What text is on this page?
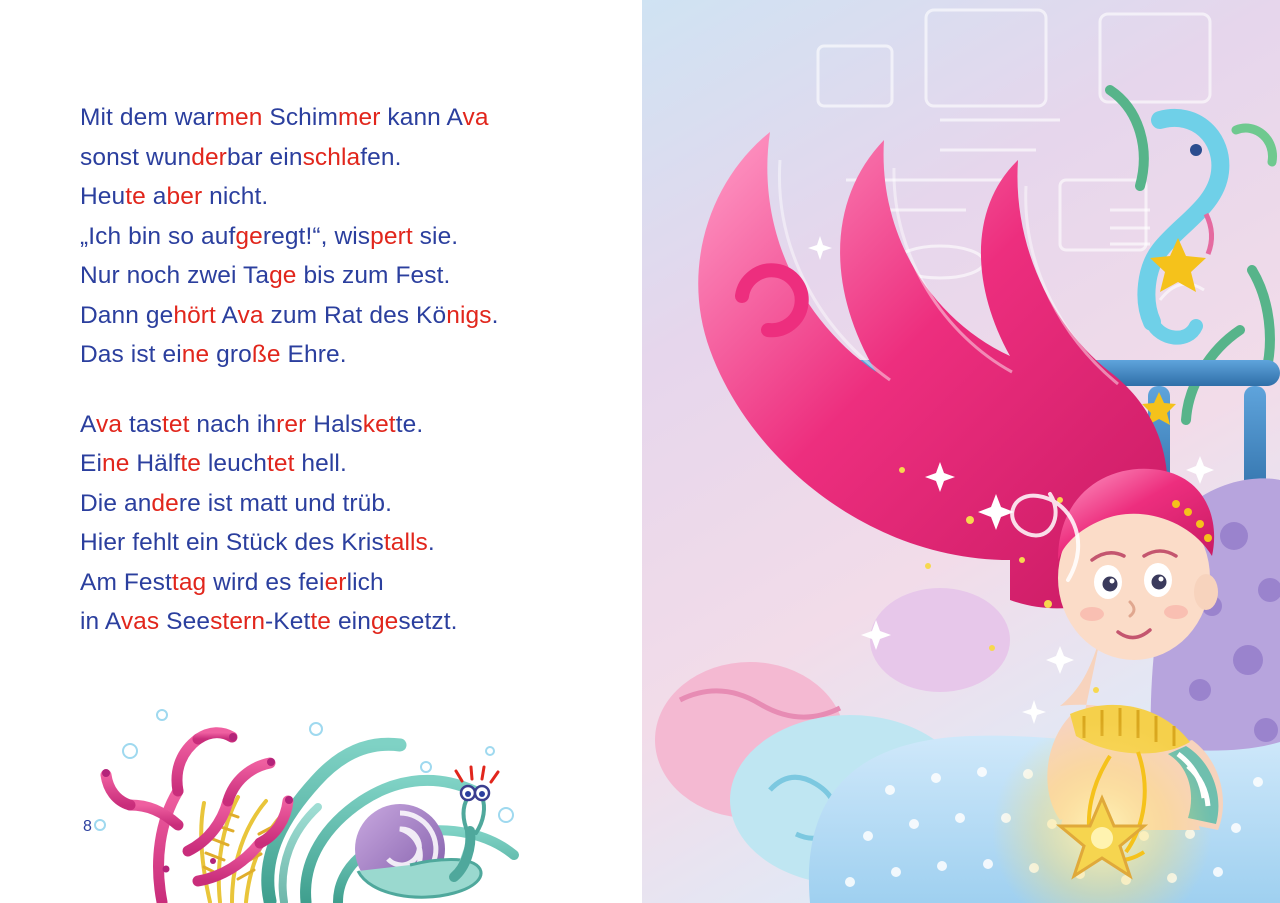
Mit dem warmen Schimmer kann Ava
sonst wunderbar einschlafen.
Heute aber nicht.
„Ich bin so aufgeregt!“, wispert sie.
Nur noch zwei Tage bis zum Fest.
Dann gehört Ava zum Rat des Königs.
Das ist eine große Ehre.
Ava tastet nach ihrer Halskette.
Eine Hälfte leuchtet hell.
Die andere ist matt und trüb.
Hier fehlt ein Stück des Kristalls.
Am Festtag wird es feierlich
in Avas Seestern-Kette eingesetzt.
8
